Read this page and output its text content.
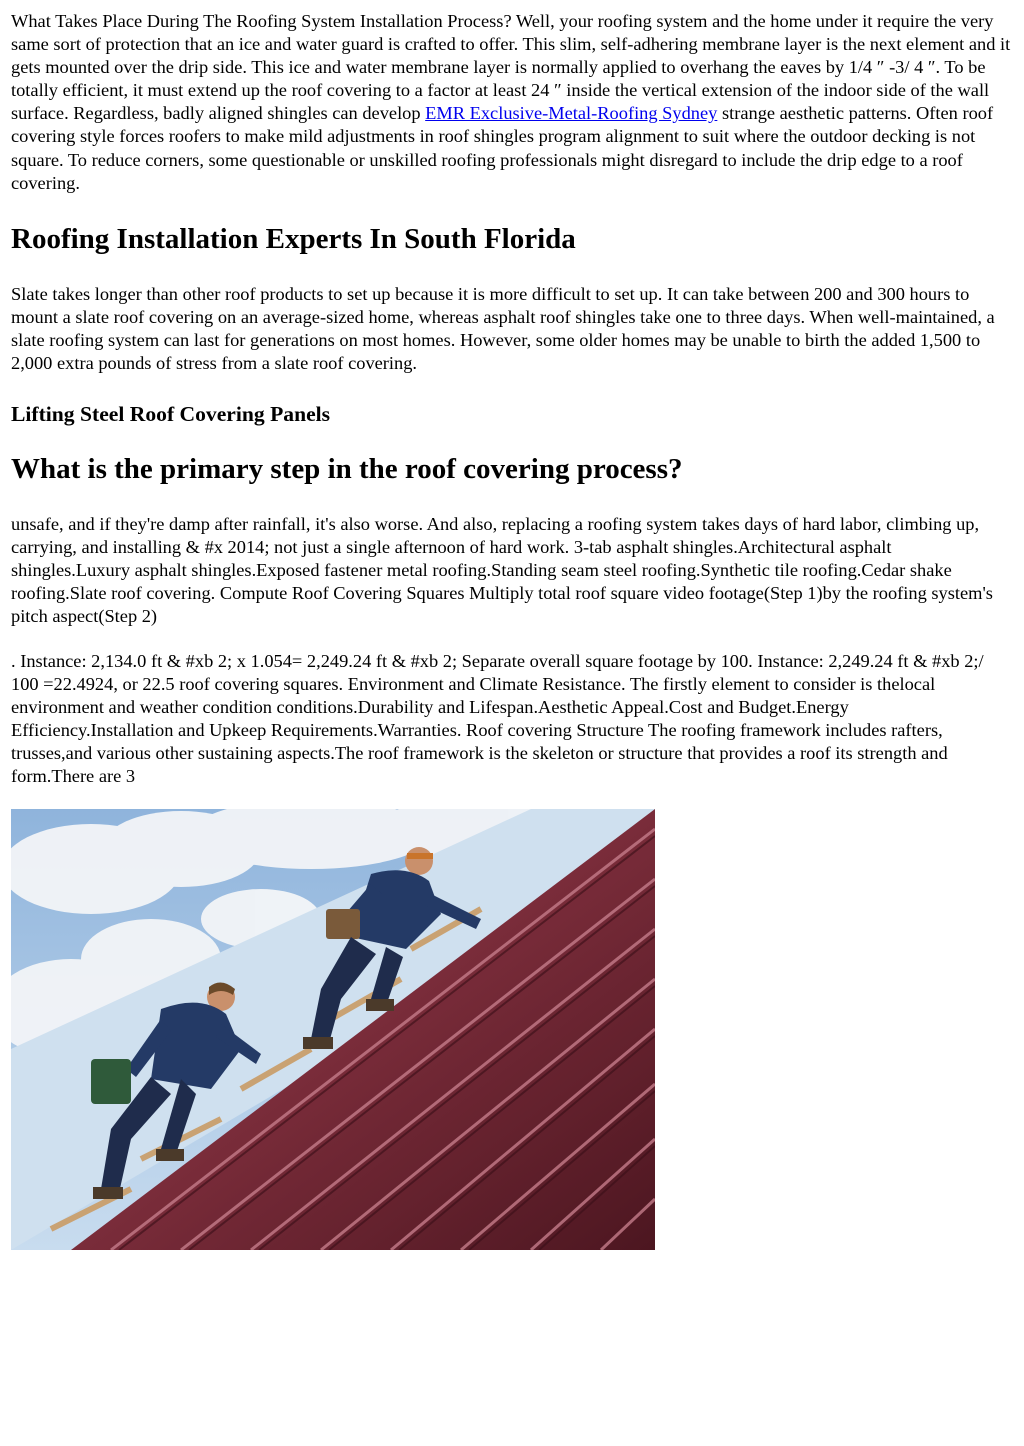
What Takes Place During The Roofing System Installation Process? Well, your roofing system and the home under it require the very same sort of protection that an ice and water guard is crafted to offer. This slim, self-adhering membrane layer is the next element and it gets mounted over the drip side. This ice and water membrane layer is normally applied to overhang the eaves by 1/4 ″ -3/ 4 ″. To be totally efficient, it must extend up the roof covering to a factor at least 24 ″ inside the vertical extension of the indoor side of the wall surface. Regardless, badly aligned shingles can develop EMR Exclusive-Metal-Roofing Sydney strange aesthetic patterns. Often roof covering style forces roofers to make mild adjustments in roof shingles program alignment to suit where the outdoor decking is not square. To reduce corners, some questionable or unskilled roofing professionals might disregard to include the drip edge to a roof covering.

Roofing Installation Experts In South Florida

Slate takes longer than other roof products to set up because it is more difficult to set up. It can take between 200 and 300 hours to mount a slate roof covering on an average-sized home, whereas asphalt roof shingles take one to three days. When well-maintained, a slate roofing system can last for generations on most homes. However, some older homes may be unable to birth the added 1,500 to 2,000 extra pounds of stress from a slate roof covering.

Lifting Steel Roof Covering Panels
What is the primary step in the roof covering process?

unsafe, and if they're damp after rainfall, it's also worse. And also, replacing a roofing system takes days of hard labor, climbing up, carrying, and installing & #x 2014; not just a single afternoon of hard work. 3-tab asphalt shingles.Architectural asphalt shingles.Luxury asphalt shingles.Exposed fastener metal roofing.Standing seam steel roofing.Synthetic tile roofing.Cedar shake roofing.Slate roof covering. Compute Roof Covering Squares Multiply total roof square video footage(Step 1)by the roofing system's pitch aspect(Step 2)

. Instance: 2,134.0 ft & #xb 2; x 1.054= 2,249.24 ft & #xb 2; Separate overall square footage by 100. Instance: 2,249.24 ft & #xb 2;/ 100 =22.4924, or 22.5 roof covering squares. Environment and Climate Resistance. The firstly element to consider is thelocal environment and weather condition conditions.Durability and Lifespan.Aesthetic Appeal.Cost and Budget.Energy Efficiency.Installation and Upkeep Requirements.Warranties. Roof covering Structure The roofing framework includes rafters, trusses,and various other sustaining aspects.The roof framework is the skeleton or structure that provides a roof its strength and form.There are 3
